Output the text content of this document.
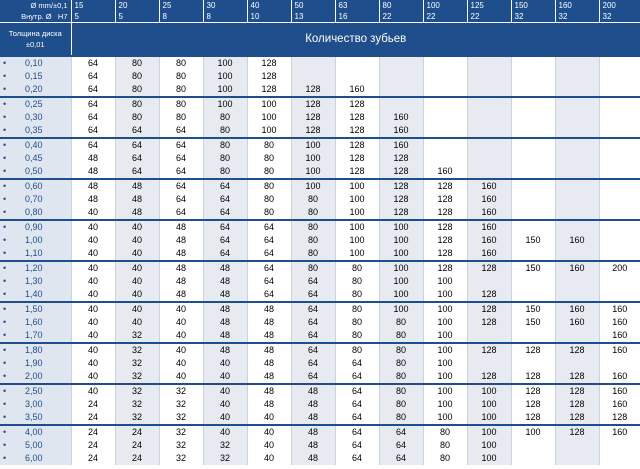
Ø mm/±0,1	15	20	25	30	40	50	63	80	100	125	150	160	200
Внутр. Ø H7	5	5	8	8	10	13	16	22	22	22	32	32	32
Толщина диска
±0,01	Количество зубьев												
• 0,10	64	80	80	100	128								
• 0,15	64	80	80	100	128								
• 0,20	64	80	80	100	128	128	160						
• 0,25	64	80	80	100	100	128	128						
• 0,30	64	80	80	80	100	128	128	160					
• 0,35	64	64	64	80	100	128	128	160					
• 0,40	64	64	64	80	80	100	128	160					
• 0,45	48	64	64	80	80	100	128	128					
• 0,50	48	64	64	80	80	100	128	128	160				
• 0,60	48	48	64	64	80	100	100	128	128	160			
• 0,70	48	48	64	64	80	80	100	128	128	160			
• 0,80	40	48	64	64	80	80	100	128	128	160			
• 0,90	40	40	48	64	64	80	100	100	128	160			
• 1,00	40	40	48	64	64	80	100	100	128	160	150	160	
• 1,10	40	40	48	64	64	80	100	100	128	160			
• 1,20	40	40	48	48	64	80	80	100	128	128	150	160	200
• 1,30	40	40	48	48	64	64	80	100	100				
• 1,40	40	40	48	48	64	64	80	100	100	128			
• 1,50	40	40	40	48	48	64	80	100	100	128	150	160	160
• 1,60	40	40	40	48	48	64	80	80	100	128	150	160	160
• 1,70	40	32	40	48	48	64	80	80	100				160
• 1,80	40	32	40	48	48	64	80	80	100	128	128	128	160
• 1,90	40	32	40	40	48	64	64	80	100				
• 2,00	40	32	40	40	48	64	64	80	100	128	128	128	160
• 2,50	40	32	32	40	48	48	64	80	100	100	128	128	160
• 3,00	24	32	32	40	48	48	64	80	100	100	128	128	160
• 3,50	24	32	32	40	40	48	64	80	100	100	128	128	128
• 4,00	24	24	32	40	40	48	64	64	80	100	100	128	160
• 5,00	24	24	32	32	40	48	64	64	80	100			
• 6,00	24	24	32	32	40	48	64	64	80	100			
